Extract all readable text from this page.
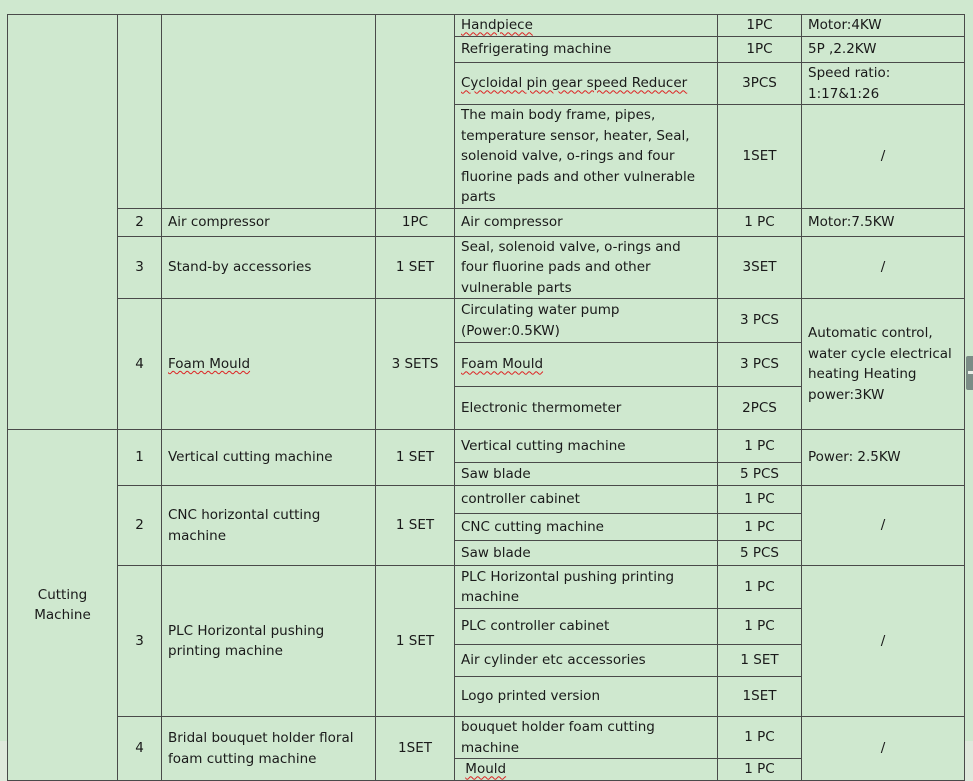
				Handpiece	1PC	Motor:4KW
				Refrigerating machine	1PC	5P ,2.2KW
				Cycloidal pin gear speed Reducer	3PCS	Speed ratio: 1:17&1:26
				The main body frame, pipes, temperature sensor, heater, Seal, solenoid valve, o-rings and four fluorine pads and other vulnerable parts	1SET	/
	2	Air compressor	1PC	Air compressor	1 PC	Motor:7.5KW
	3	Stand-by accessories	1 SET	Seal, solenoid valve, o-rings and four fluorine pads and other vulnerable parts	3SET	/
	4	Foam Mould	3 SETS	Circulating water pump (Power:0.5KW)	3 PCS	Automatic control, water cycle electrical heating Heating power:3KW
				Foam Mould	3 PCS	
				Electronic thermometer	2PCS	

Cutting Machine	1	Vertical cutting machine	1 SET	Vertical cutting machine	1 PC	Power: 2.5KW
				Saw blade	5 PCS	
	2	CNC horizontal cutting machine	1 SET	controller cabinet	1 PC	/
				CNC cutting machine	1 PC	
				Saw blade	5 PCS	
	3	PLC Horizontal pushing printing machine	1 SET	PLC Horizontal pushing printing machine	1 PC	/
				PLC controller cabinet	1 PC	
				Air cylinder etc accessories	1 SET	
				Logo printed version	1SET	
	4	Bridal bouquet holder floral foam cutting machine	1SET	bouquet holder foam cutting machine	1 PC	/
				Mould	1 PC	
